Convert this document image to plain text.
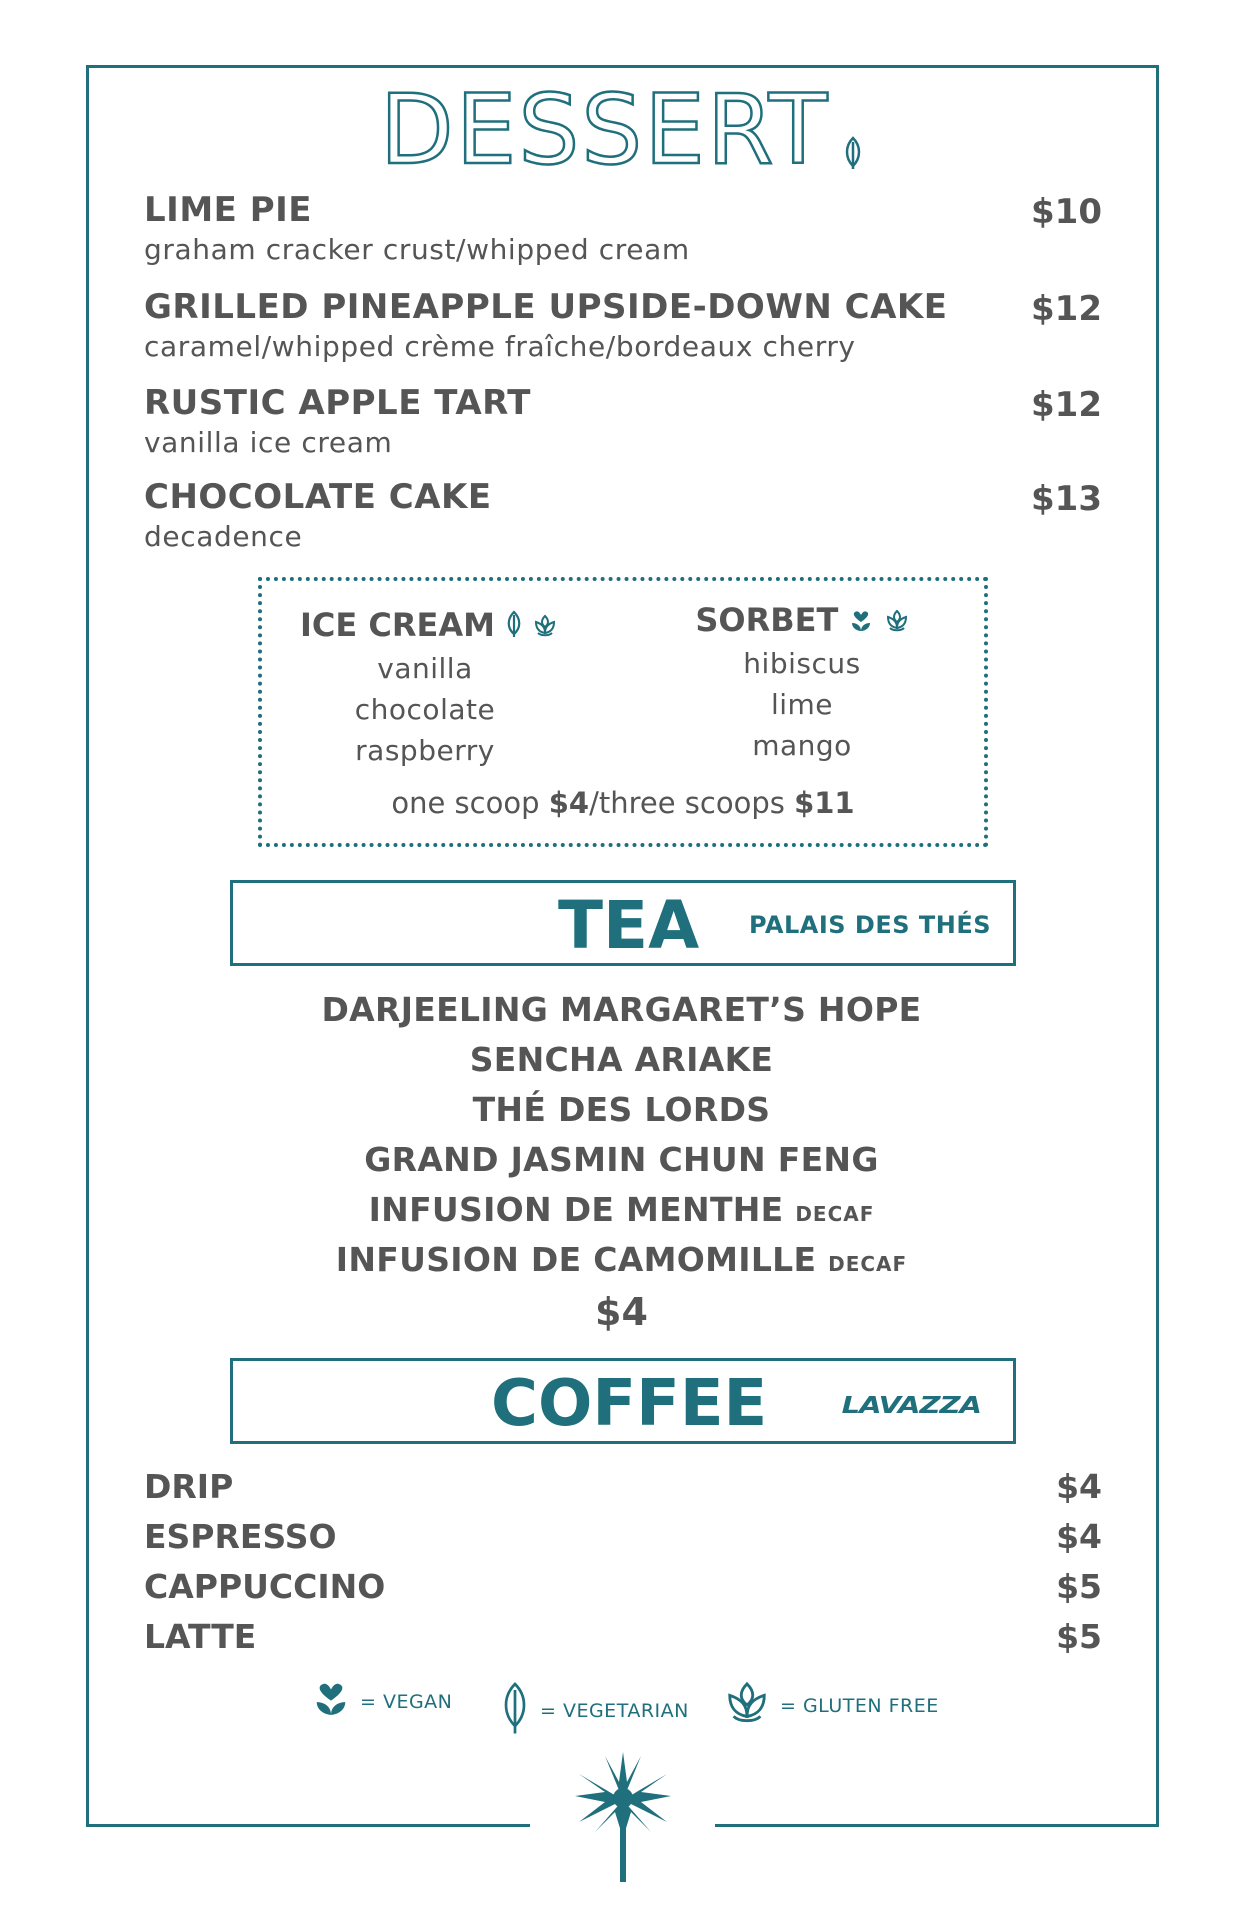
DESSERT
LIME PIE
graham cracker crust/whipped cream
$10
GRILLED PINEAPPLE UPSIDE-DOWN CAKE
caramel/whipped crème fraîche/bordeaux cherry
$12
RUSTIC APPLE TART
vanilla ice cream
$12
CHOCOLATE CAKE
decadence
$13
ICE CREAM
vanilla
chocolate
raspberry
SORBET
hibiscus
lime
mango
one scoop $4/three scoops $11
TEA PALAIS DES THÉS
DARJEELING MARGARET’S HOPE
SENCHA ARIAKE
THÉ DES LORDS
GRAND JASMIN CHUN FENG
INFUSION DE MENTHE DECAF
INFUSION DE CAMOMILLE DECAF
$4
COFFEE	LAVAZZA
DRIP	$4
ESPRESSO	$4
CAPPUCCINO	$5
LATTE	$5
= VEGAN	= VEGETARIAN	= GLUTEN FREE
